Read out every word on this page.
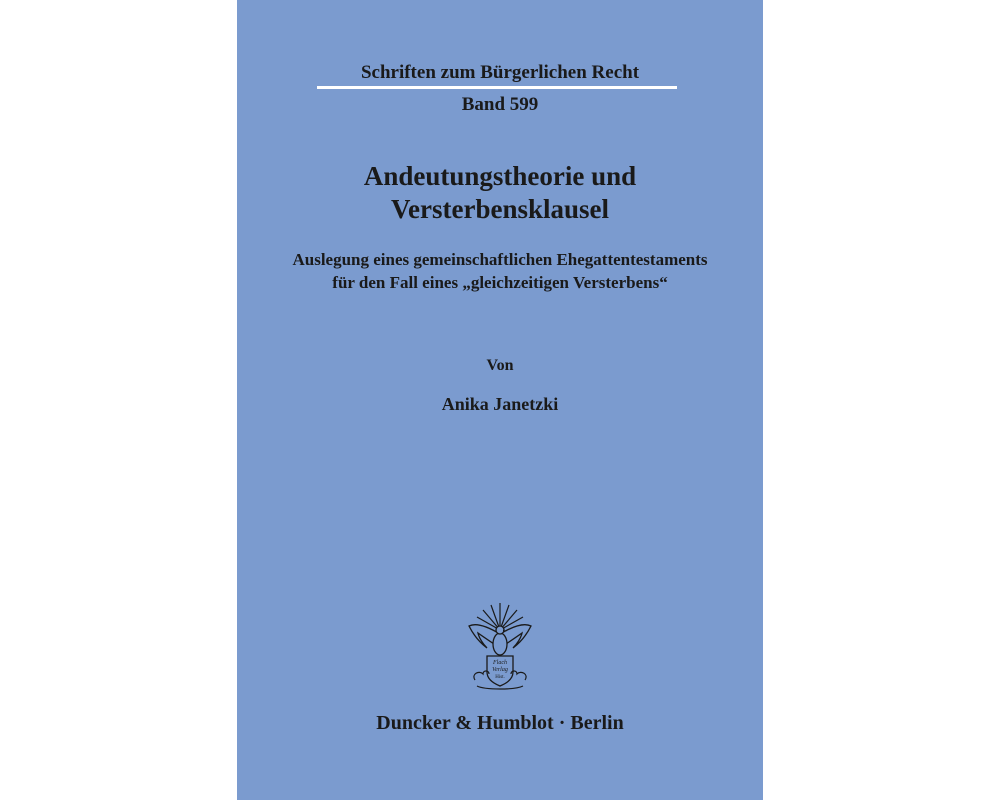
Schriften zum Bürgerlichen Recht
Band 599
Andeutungstheorie und
Versterbensklausel
Auslegung eines gemeinschaftlichen Ehegattentestaments
für den Fall eines „gleichzeitigen Versterbens“
Von
Anika Janetzki
Flach
Verlag
Hist.
Duncker & Humblot · Berlin
